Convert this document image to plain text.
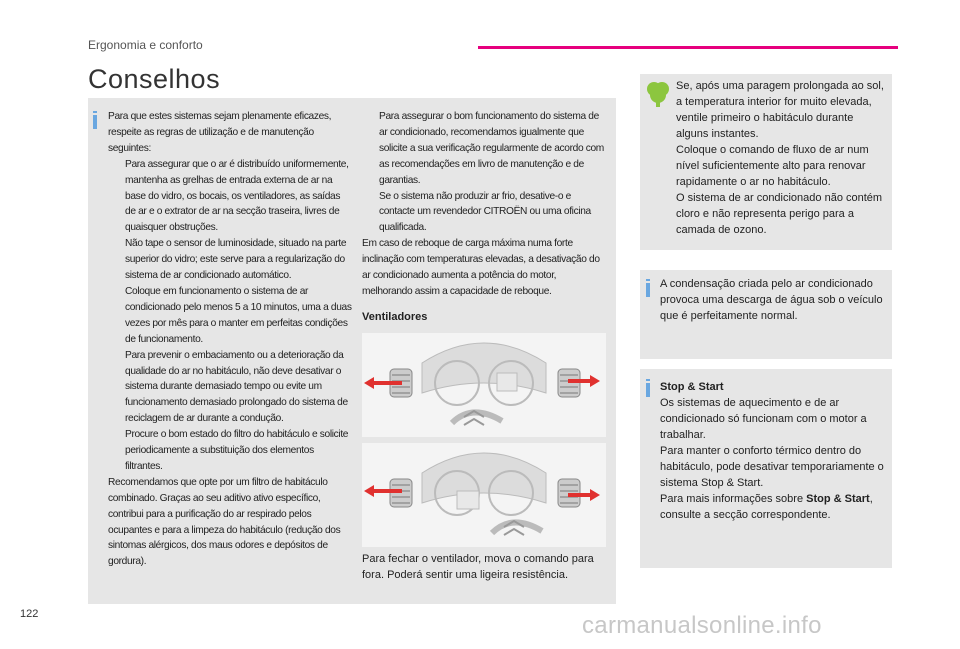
Ergonomia e conforto
Conselhos
Para que estes sistemas sejam plenamente eficazes, respeite as regras de utilização e de manutenção seguintes:
Para assegurar que o ar é distribuído uniformemente, mantenha as grelhas de entrada externa de ar na base do vidro, os bocais, os ventiladores, as saídas de ar e o extrator de ar na secção traseira, livres de quaisquer obstruções.
Não tape o sensor de luminosidade, situado na parte superior do vidro; este serve para a regularização do sistema de ar condicionado automático.
Coloque em funcionamento o sistema de ar condicionado pelo menos 5 a 10 minutos, uma a duas vezes por mês para o manter em perfeitas condições de funcionamento.
Para prevenir o embaciamento ou a deterioração da qualidade do ar no habitáculo, não deve desativar o sistema durante demasiado tempo ou evite um funcionamento demasiado prolongado do sistema de reciclagem de ar durante a condução.
Procure o bom estado do filtro do habitáculo e solicite periodicamente a substituição dos elementos filtrantes.
Recomendamos que opte por um filtro de habitáculo combinado. Graças ao seu aditivo ativo específico, contribui para a purificação do ar respirado pelos ocupantes e para a limpeza do habitáculo (redução dos sintomas alérgicos, dos maus odores e depósitos de gordura).
Para assegurar o bom funcionamento do sistema de ar condicionado, recomendamos igualmente que solicite a sua verificação regularmente de acordo com as recomendações em livro de manutenção e de garantias.
Se o sistema não produzir ar frio, desative-o e contacte um revendedor CITROËN ou uma oficina qualificada.
Em caso de reboque de carga máxima numa forte inclinação com temperaturas elevadas, a desativação do ar condicionado aumenta a potência do motor, melhorando assim a capacidade de reboque.
Ventiladores
Para fechar o ventilador, mova o comando para fora. Poderá sentir uma ligeira resistência.
Se, após uma paragem prolongada ao sol, a temperatura interior for muito elevada, ventile primeiro o habitáculo durante alguns instantes.
Coloque o comando de fluxo de ar num nível suficientemente alto para renovar rapidamente o ar no habitáculo.
O sistema de ar condicionado não contém cloro e não representa perigo para a camada de ozono.
A condensação criada pelo ar condicionado provoca uma descarga de água sob o veículo que é perfeitamente normal.
Stop & Start
Os sistemas de aquecimento e de ar condicionado só funcionam com o motor a trabalhar.
Para manter o conforto térmico dentro do habitáculo, pode desativar temporariamente o sistema Stop & Start.
Para mais informações sobre Stop & Start, consulte a secção correspondente.
122	carmanualsonline.info
